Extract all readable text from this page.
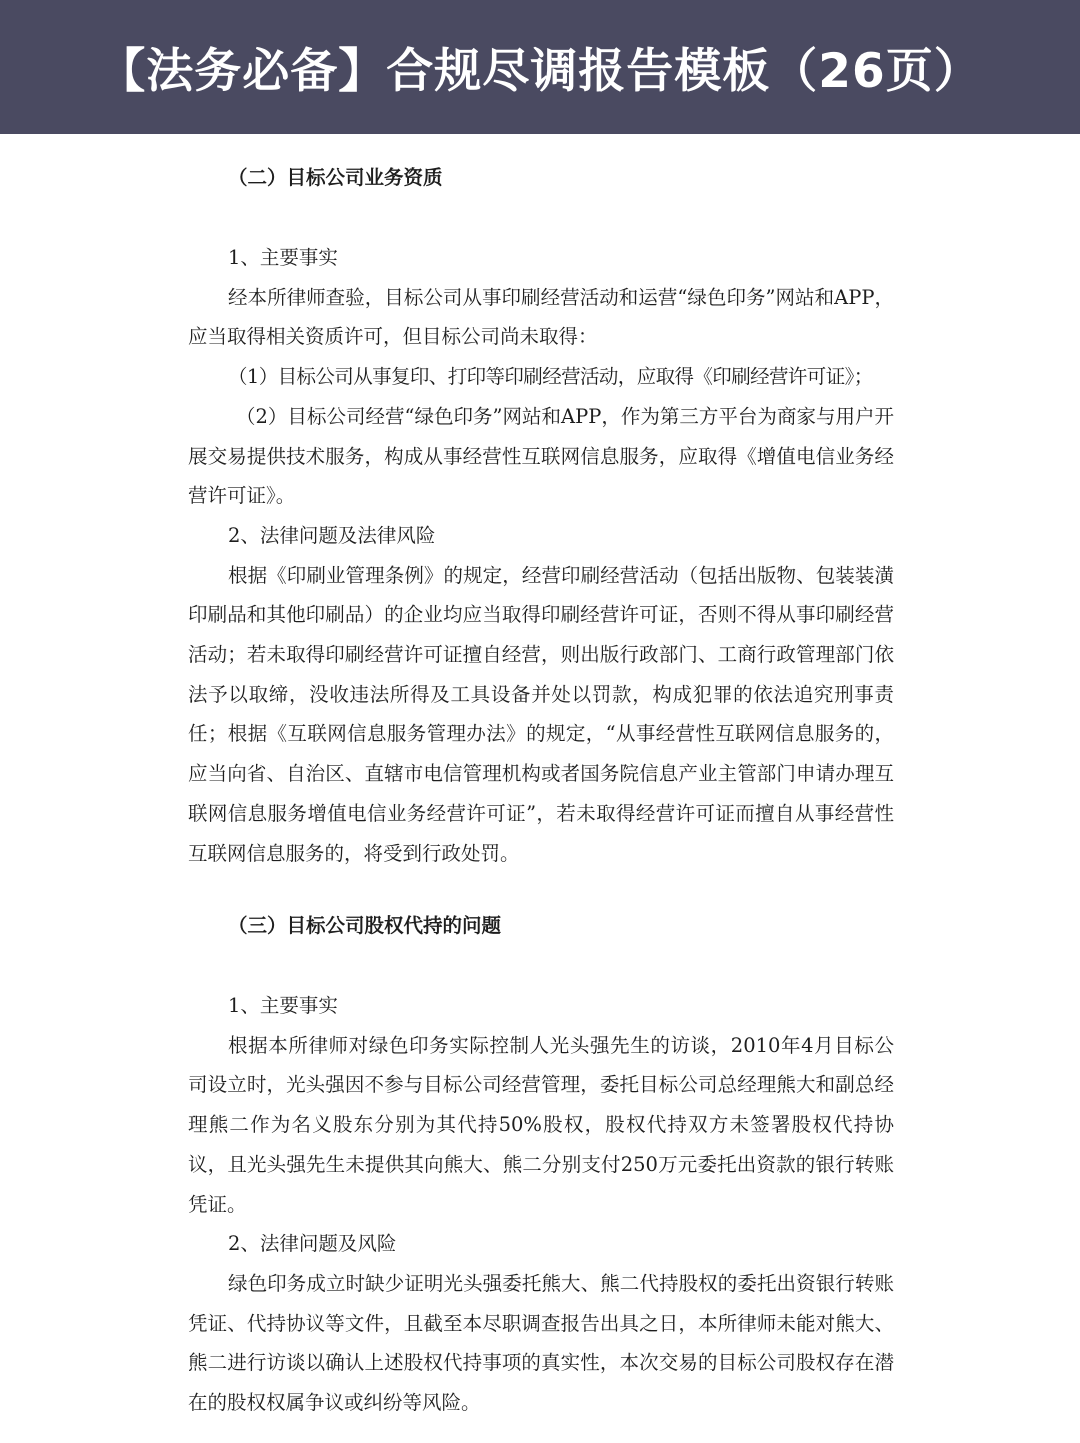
【法务必备】合规尽调报告模板（26页）
（二）目标公司业务资质
1、主要事实

经本所律师查验，目标公司从事印刷经营活动和运营“绿色印务”网站和APP，应当取得相关资质许可，但目标公司尚未取得：

（1）目标公司从事复印、打印等印刷经营活动，应取得《印刷经营许可证》；

（2）目标公司经营“绿色印务”网站和APP，作为第三方平台为商家与用户开展交易提供技术服务，构成从事经营性互联网信息服务，应取得《增值电信业务经营许可证》。

2、法律问题及法律风险

根据《印刷业管理条例》的规定，经营印刷经营活动（包括出版物、包装装潢印刷品和其他印刷品）的企业均应当取得印刷经营许可证，否则不得从事印刷经营活动；若未取得印刷经营许可证擅自经营，则出版行政部门、工商行政管理部门依法予以取缔，没收违法所得及工具设备并处以罚款，构成犯罪的依法追究刑事责任；根据《互联网信息服务管理办法》的规定，“从事经营性互联网信息服务的，应当向省、自治区、直辖市电信管理机构或者国务院信息产业主管部门申请办理互联网信息服务增值电信业务经营许可证”，若未取得经营许可证而擅自从事经营性互联网信息服务的，将受到行政处罚。

（三）目标公司股权代持的问题
1、主要事实

根据本所律师对绿色印务实际控制人光头强先生的访谈，2010年4月目标公司设立时，光头强因不参与目标公司经营管理，委托目标公司总经理熊大和副总经理熊二作为名义股东分别为其代持50%股权，股权代持双方未签署股权代持协议，且光头强先生未提供其向熊大、熊二分别支付250万元委托出资款的银行转账凭证。

2、法律问题及风险

绿色印务成立时缺少证明光头强委托熊大、熊二代持股权的委托出资银行转账凭证、代持协议等文件，且截至本尽职调查报告出具之日，本所律师未能对熊大、熊二进行访谈以确认上述股权代持事项的真实性，本次交易的目标公司股权存在潜在的股权权属争议或纠纷等风险。
